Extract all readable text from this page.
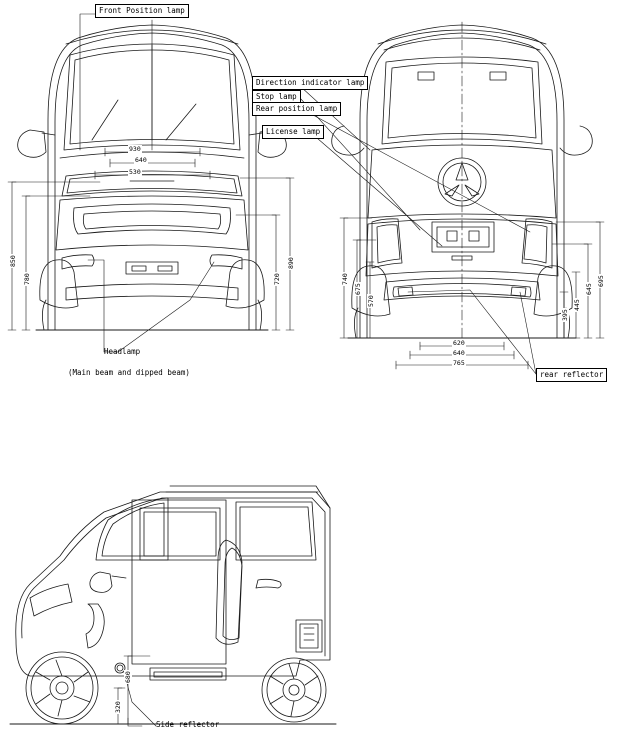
Front Position lamp
Direction indicator lamp
Stop lamp
Rear position lamp
License lamp
Headlamp
(Main beam and dipped beam)	rear reflector
Side reflector
930
640
530
850
780
890
720	740
675
570
695
645
445
395
620
640
765
680
320
